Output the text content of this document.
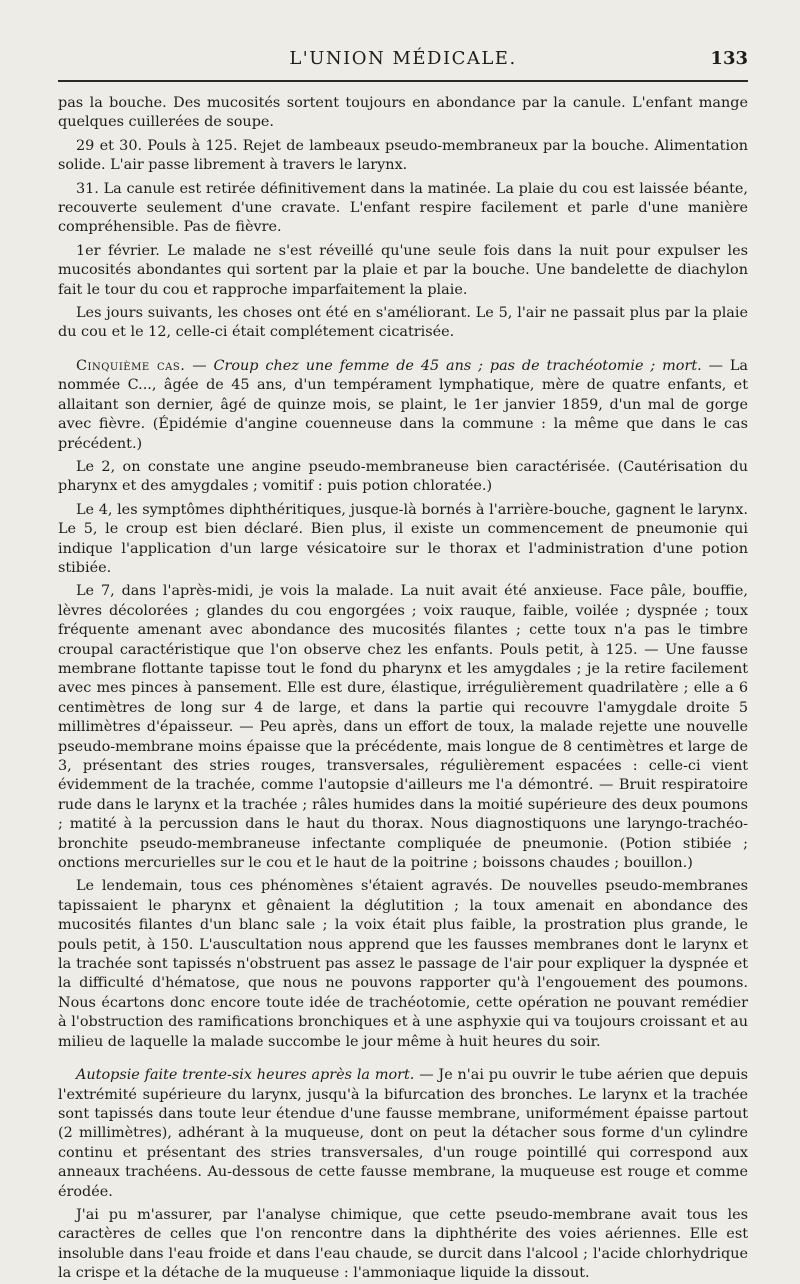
L'UNION MÉDICALE.	133

pas la bouche. Des mucosités sortent toujours en abondance par la canule. L'enfant mange quelques cuillerées de soupe.

29 et 30. Pouls à 125. Rejet de lambeaux pseudo-membraneux par la bouche. Alimentation solide. L'air passe librement à travers le larynx.

31. La canule est retirée définitivement dans la matinée. La plaie du cou est laissée béante, recouverte seulement d'une cravate. L'enfant respire facilement et parle d'une manière compréhensible. Pas de fièvre.

1er février. Le malade ne s'est réveillé qu'une seule fois dans la nuit pour expulser les mucosités abondantes qui sortent par la plaie et par la bouche. Une bandelette de diachylon fait le tour du cou et rapproche imparfaitement la plaie.

Les jours suivants, les choses ont été en s'améliorant. Le 5, l'air ne passait plus par la plaie du cou et le 12, celle-ci était complétement cicatrisée.

Cinquième cas. — Croup chez une femme de 45 ans ; pas de trachéotomie ; mort. — La nommée C..., âgée de 45 ans, d'un tempérament lymphatique, mère de quatre enfants, et allaitant son dernier, âgé de quinze mois, se plaint, le 1er janvier 1859, d'un mal de gorge avec fièvre. (Épidémie d'angine couenneuse dans la commune : la même que dans le cas précédent.)

Le 2, on constate une angine pseudo-membraneuse bien caractérisée. (Cautérisation du pharynx et des amygdales ; vomitif : puis potion chloratée.)

Le 4, les symptômes diphthéritiques, jusque-là bornés à l'arrière-bouche, gagnent le larynx. Le 5, le croup est bien déclaré. Bien plus, il existe un commencement de pneumonie qui indique l'application d'un large vésicatoire sur le thorax et l'administration d'une potion stibiée.

Le 7, dans l'après-midi, je vois la malade. La nuit avait été anxieuse. Face pâle, bouffie, lèvres décolorées ; glandes du cou engorgées ; voix rauque, faible, voilée ; dyspnée ; toux fréquente amenant avec abondance des mucosités filantes ; cette toux n'a pas le timbre croupal caractéristique que l'on observe chez les enfants. Pouls petit, à 125. — Une fausse membrane flottante tapisse tout le fond du pharynx et les amygdales ; je la retire facilement avec mes pinces à pansement. Elle est dure, élastique, irrégulièrement quadrilatère ; elle a 6 centimètres de long sur 4 de large, et dans la partie qui recouvre l'amygdale droite 5 millimètres d'épaisseur. — Peu après, dans un effort de toux, la malade rejette une nouvelle pseudo-membrane moins épaisse que la précédente, mais longue de 8 centimètres et large de 3, présentant des stries rouges, transversales, régulièrement espacées : celle-ci vient évidemment de la trachée, comme l'autopsie d'ailleurs me l'a démontré. — Bruit respiratoire rude dans le larynx et la trachée ; râles humides dans la moitié supérieure des deux poumons ; matité à la percussion dans le haut du thorax. Nous diagnostiquons une laryngo-trachéo-bronchite pseudo-membraneuse infectante compliquée de pneumonie. (Potion stibiée ; onctions mercurielles sur le cou et le haut de la poitrine ; boissons chaudes ; bouillon.)

Le lendemain, tous ces phénomènes s'étaient agravés. De nouvelles pseudo-membranes tapissaient le pharynx et gênaient la déglutition ; la toux amenait en abondance des mucosités filantes d'un blanc sale ; la voix était plus faible, la prostration plus grande, le pouls petit, à 150. L'auscultation nous apprend que les fausses membranes dont le larynx et la trachée sont tapissés n'obstruent pas assez le passage de l'air pour expliquer la dyspnée et la difficulté d'hématose, que nous ne pouvons rapporter qu'à l'engouement des poumons. Nous écartons donc encore toute idée de trachéotomie, cette opération ne pouvant remédier à l'obstruction des ramifications bronchiques et à une asphyxie qui va toujours croissant et au milieu de laquelle la malade succombe le jour même à huit heures du soir.

Autopsie faite trente-six heures après la mort. — Je n'ai pu ouvrir le tube aérien que depuis l'extrémité supérieure du larynx, jusqu'à la bifurcation des bronches. Le larynx et la trachée sont tapissés dans toute leur étendue d'une fausse membrane, uniformément épaisse partout (2 millimètres), adhérant à la muqueuse, dont on peut la détacher sous forme d'un cylindre continu et présentant des stries transversales, d'un rouge pointillé qui correspond aux anneaux trachéens. Au-dessous de cette fausse membrane, la muqueuse est rouge et comme érodée.

J'ai pu m'assurer, par l'analyse chimique, que cette pseudo-membrane avait tous les caractères de celles que l'on rencontre dans la diphthérite des voies aériennes. Elle est insoluble dans l'eau froide et dans l'eau chaude, se durcit dans l'alcool ; l'acide chlorhydrique la crispe et la détache de la muqueuse : l'ammoniaque liquide la dissout.
